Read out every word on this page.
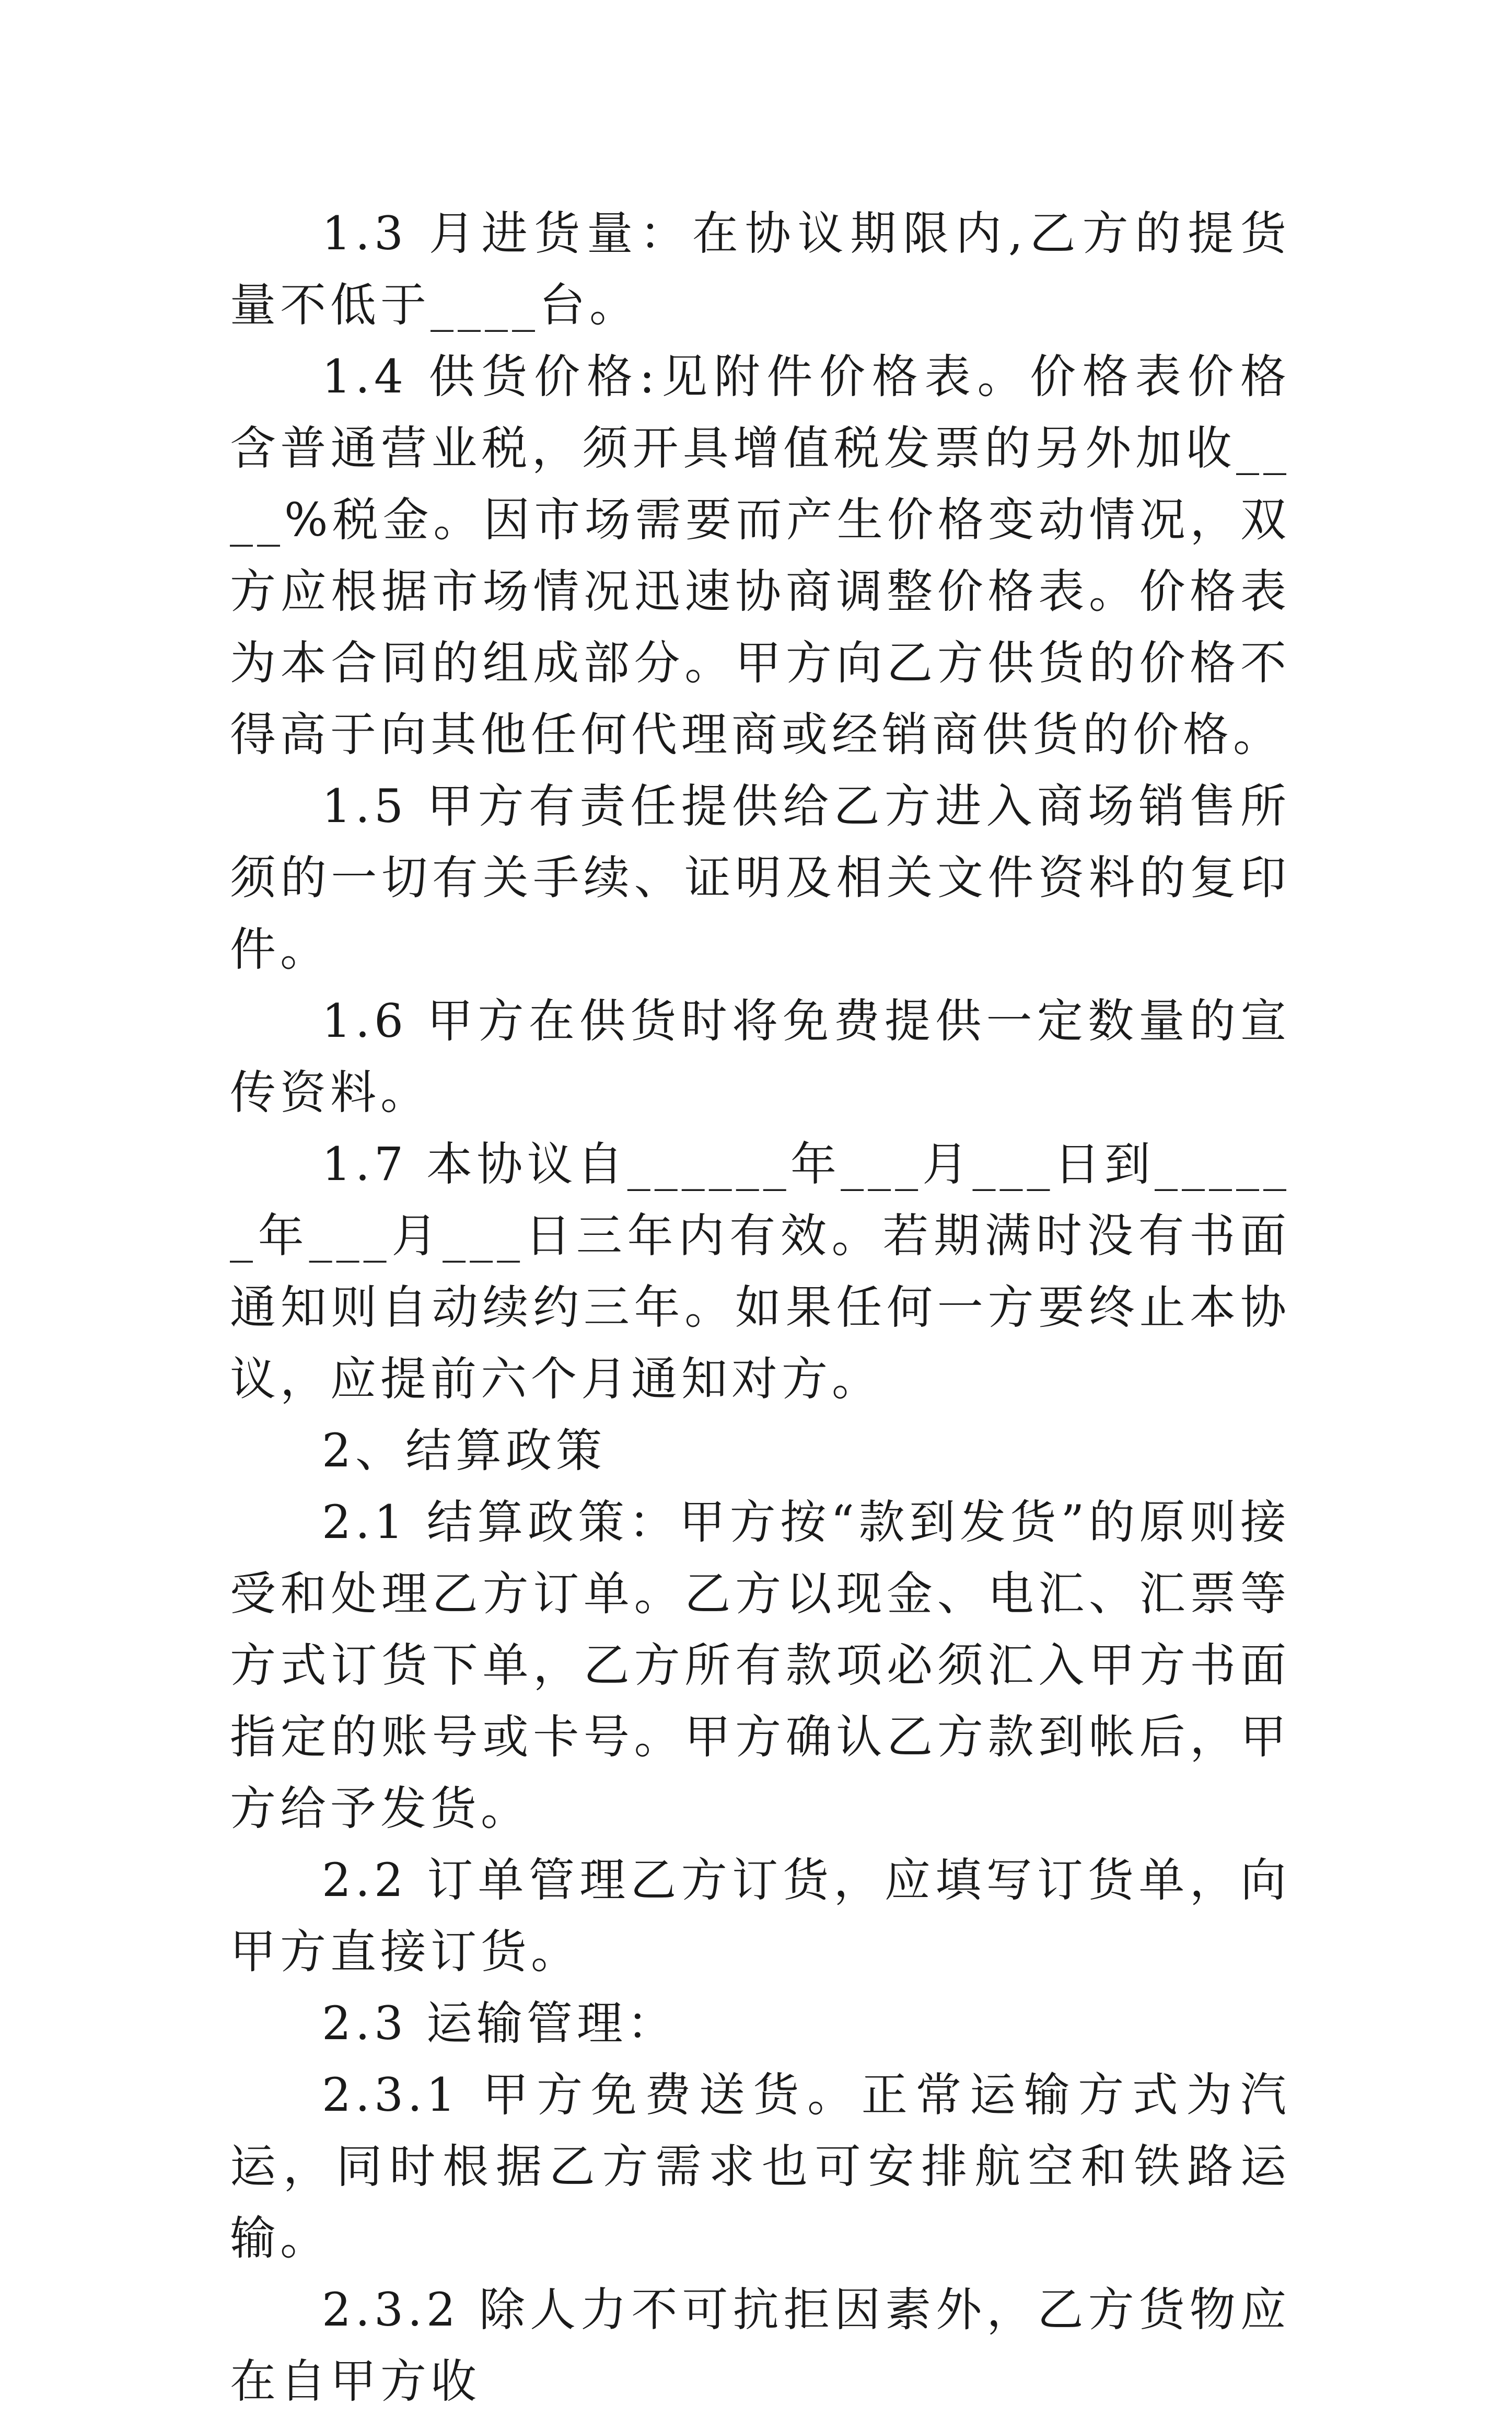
1.3 月进货量：在协议期限内,乙方的提货量不低于____台。

1.4 供货价格:见附件价格表。价格表价格含普通营业税，须开具增值税发票的另外加收____%税金。因市场需要而产生价格变动情况，双方应根据市场情况迅速协商调整价格表。价格表为本合同的组成部分。甲方向乙方供货的价格不得高于向其他任何代理商或经销商供货的价格。

1.5 甲方有责任提供给乙方进入商场销售所须的一切有关手续、证明及相关文件资料的复印件。

1.6 甲方在供货时将免费提供一定数量的宣传资料。

1.7 本协议自______年___月___日到______年___月___日三年内有效。若期满时没有书面通知则自动续约三年。如果任何一方要终止本协议，应提前六个月通知对方。

2、结算政策

2.1 结算政策：甲方按“款到发货”的原则接受和处理乙方订单。乙方以现金、电汇、汇票等方式订货下单，乙方所有款项必须汇入甲方书面指定的账号或卡号。甲方确认乙方款到帐后，甲方给予发货。

2.2 订单管理乙方订货，应填写订货单，向甲方直接订货。

2.3 运输管理：

2.3.1 甲方免费送货。正常运输方式为汽运，同时根据乙方需求也可安排航空和铁路运输。

2.3.2 除人力不可抗拒因素外，乙方货物应在自甲方收
